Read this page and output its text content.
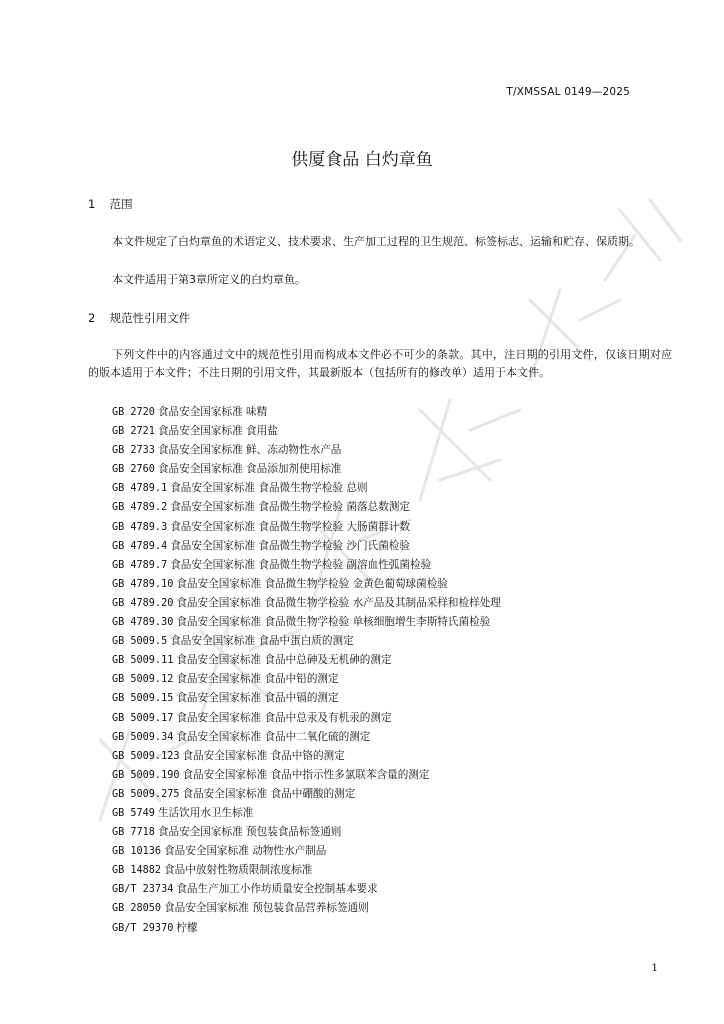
T/XMSSAL 0149—2025
供厦食品 白灼章鱼
1 范围

本文件规定了白灼章鱼的术语定义、技术要求、生产加工过程的卫生规范、标签标志、运输和贮存、保质期。

本文件适用于第3章所定义的白灼章鱼。

2 规范性引用文件

下列文件中的内容通过文中的规范性引用而构成本文件必不可少的条款。其中，注日期的引用文件，仅该日期对应的版本适用于本文件；不注日期的引用文件，其最新版本（包括所有的修改单）适用于本文件。

GB 2720 食品安全国家标准 味精
GB 2721 食品安全国家标准 食用盐
GB 2733 食品安全国家标准 鲜、冻动物性水产品
GB 2760 食品安全国家标准 食品添加剂使用标准
GB 4789.1 食品安全国家标准 食品微生物学检验 总则
GB 4789.2 食品安全国家标准 食品微生物学检验 菌落总数测定
GB 4789.3 食品安全国家标准 食品微生物学检验 大肠菌群计数
GB 4789.4 食品安全国家标准 食品微生物学检验 沙门氏菌检验
GB 4789.7 食品安全国家标准 食品微生物学检验 副溶血性弧菌检验
GB 4789.10 食品安全国家标准 食品微生物学检验 金黄色葡萄球菌检验
GB 4789.20 食品安全国家标准 食品微生物学检验 水产品及其制品采样和检样处理
GB 4789.30 食品安全国家标准 食品微生物学检验 单核细胞增生李斯特氏菌检验
GB 5009.5 食品安全国家标准 食品中蛋白质的测定
GB 5009.11 食品安全国家标准 食品中总砷及无机砷的测定
GB 5009.12 食品安全国家标准 食品中铅的测定
GB 5009.15 食品安全国家标准 食品中镉的测定
GB 5009.17 食品安全国家标准 食品中总汞及有机汞的测定
GB 5009.34 食品安全国家标准 食品中二氧化硫的测定
GB 5009.123 食品安全国家标准 食品中铬的测定
GB 5009.190 食品安全国家标准 食品中指示性多氯联苯含量的测定
GB 5009.275 食品安全国家标准 食品中硼酸的测定
GB 5749 生活饮用水卫生标准
GB 7718 食品安全国家标准 预包装食品标签通则
GB 10136 食品安全国家标准 动物性水产制品
GB 14882 食品中放射性物质限制浓度标准
GB/T 23734 食品生产加工小作坊质量安全控制基本要求
GB 28050 食品安全国家标准 预包装食品营养标签通则
GB/T 29370 柠檬
1
